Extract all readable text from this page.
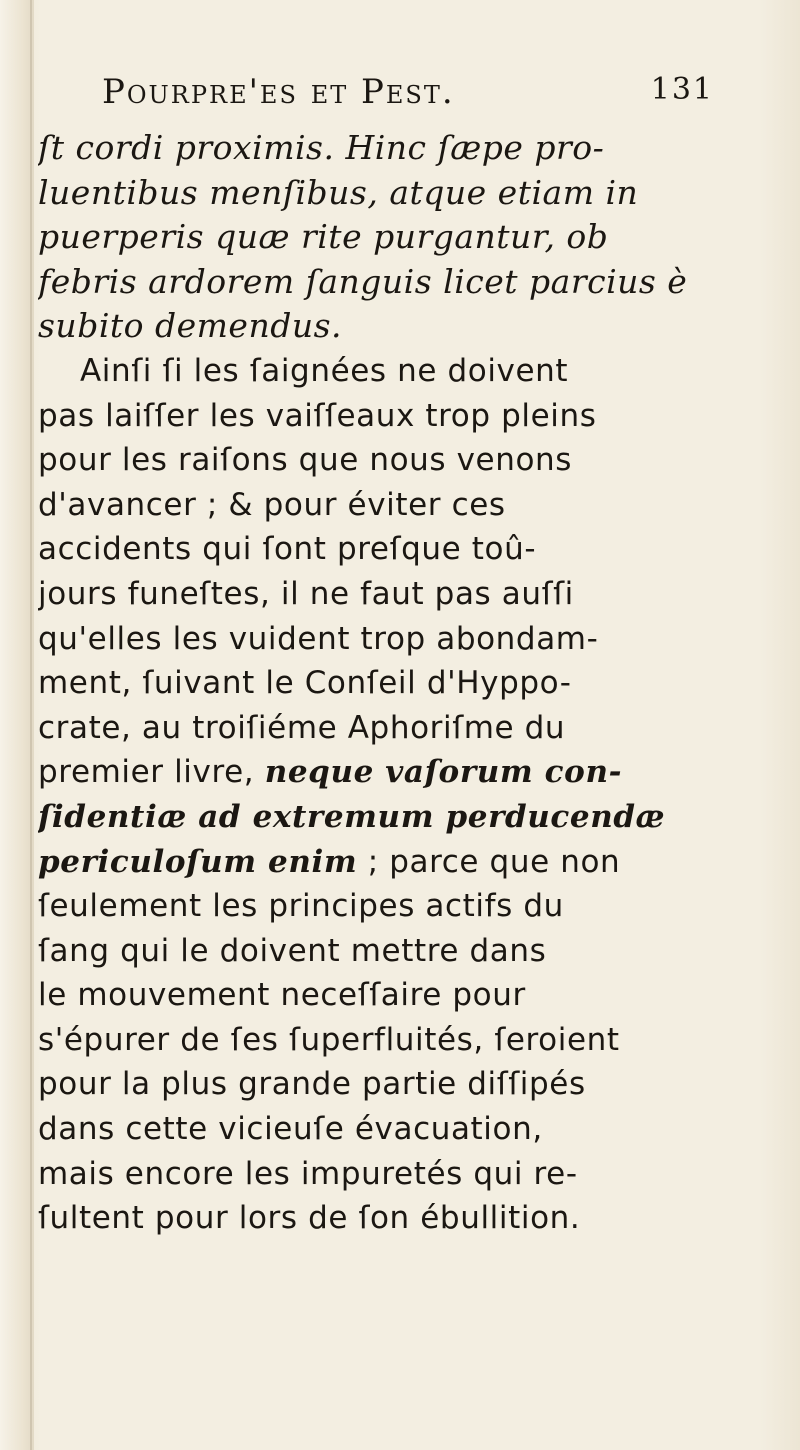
Pourpre'es et Pest.	131
ſt cordi proximis. Hinc ſæpe pro-
luentibus menſibus, atque etiam in
puerperis quæ rite purgantur, ob
febris ardorem ſanguis licet parcius è
subito demendus.
Ainſi ſi les ſaignées ne doivent
pas laiſſer les vaiſſeaux trop pleins
pour les raiſons que nous venons
d'avancer ; & pour éviter ces
accidents qui ſont preſque toû-
jours funeſtes, il ne faut pas auſſi
qu'elles les vuident trop abondam-
ment, ſuivant le Conſeil d'Hyppo-
crate, au troiſiéme Aphoriſme du
premier livre, neque vaſorum con-
ſidentiæ ad extremum perducendæ
periculoſum enim ; parce que non
ſeulement les principes actifs du
ſang qui le doivent mettre dans
le mouvement neceſſaire pour
s'épurer de ſes ſuperfluités, ſeroient
pour la plus grande partie diſſipés
dans cette vicieuſe évacuation,
mais encore les impuretés qui re-
ſultent pour lors de ſon ébullition.
